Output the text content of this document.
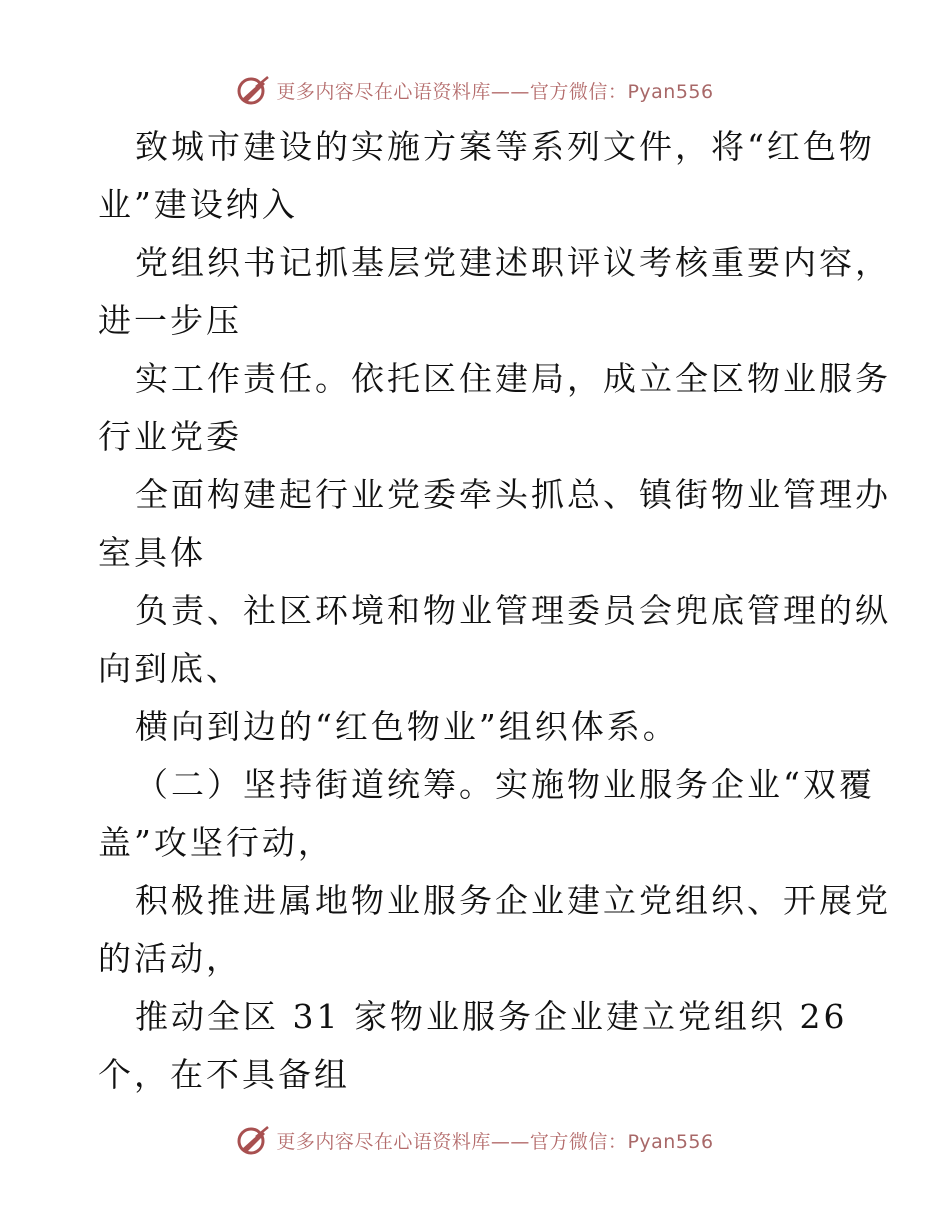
更多内容尽在心语资料库——官方微信：Pyan556

致城市建设的实施方案等系列文件，将“红色物
业”建设纳入

党组织书记抓基层党建述职评议考核重要内容，
进一步压

实工作责任。依托区住建局，成立全区物业服务
行业党委

全面构建起行业党委牵头抓总、镇街物业管理办
室具体

负责、社区环境和物业管理委员会兜底管理的纵
向到底、

横向到边的“红色物业”组织体系。

（二）坚持街道统筹。实施物业服务企业“双覆
盖”攻坚行动，

积极推进属地物业服务企业建立党组织、开展党
的活动，

推动全区 31 家物业服务企业建立党组织 26
个，在不具备组

更多内容尽在心语资料库——官方微信：Pyan556
